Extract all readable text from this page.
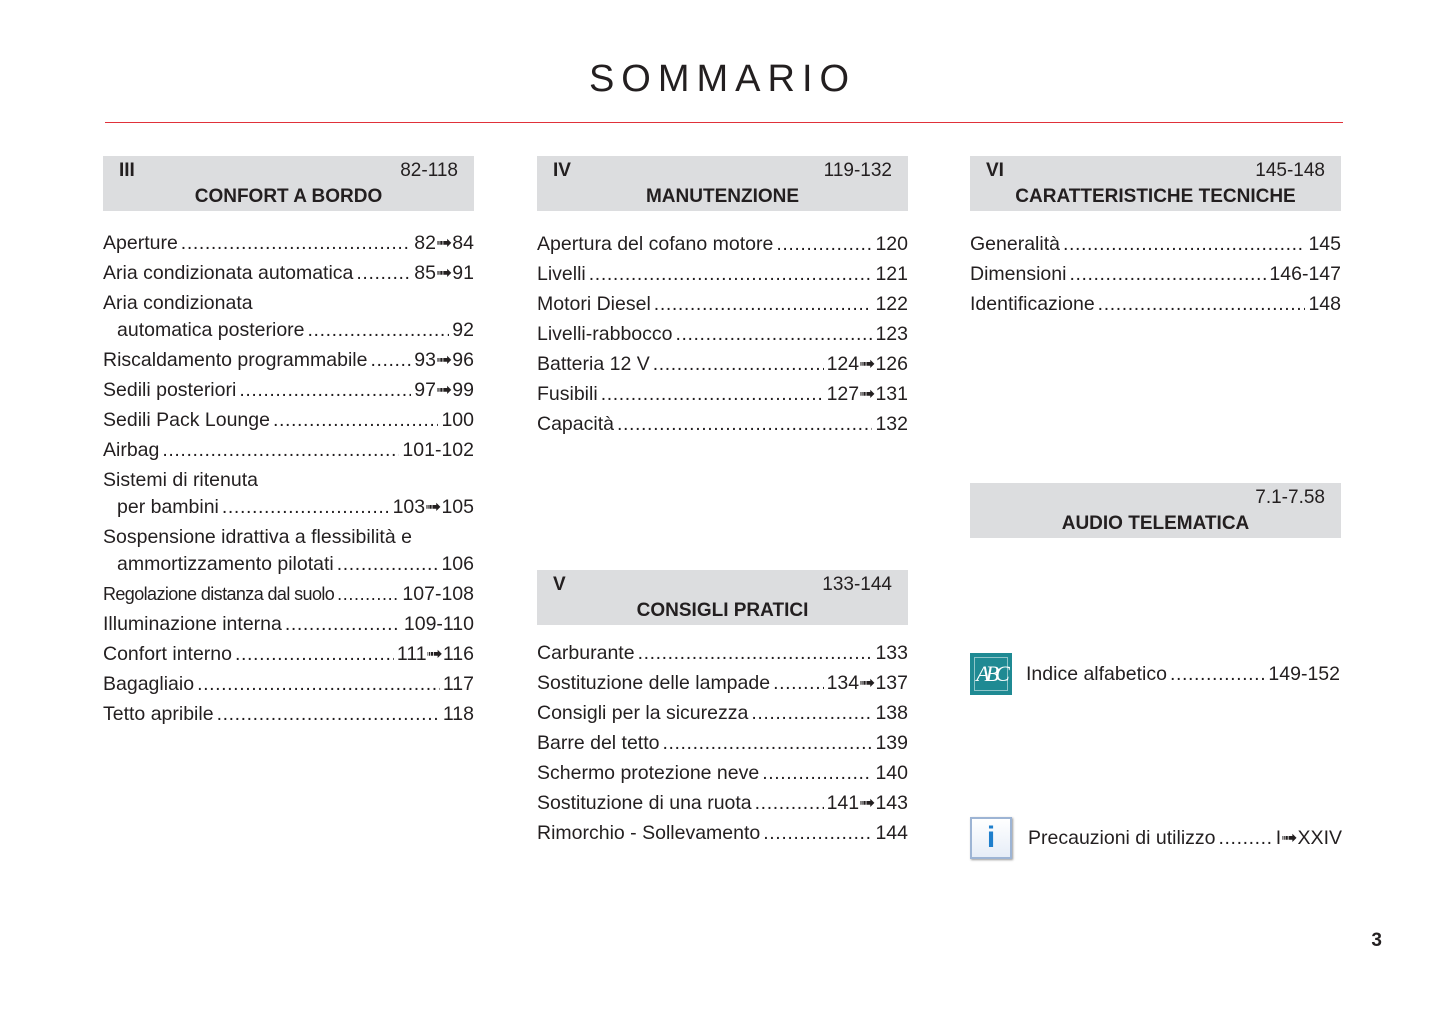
SOMMARIO
III	82-118
CONFORT A BORDO
Aperture .....	82➟84
Aria condizionata automatica .....	85➟91
Aria condizionata
automatica posteriore .....	92
Riscaldamento programmabile ..... 93➟96
Sedili posteriori .....	97➟99
Sedili Pack Lounge .....	100
Airbag .....	101-102
Sistemi di ritenuta
per bambini .....	103➟105
Sospensione idrattiva a flessibilità e
ammortizzamento pilotati .....	106
Regolazione distanza dal suolo .....	107-108
Illuminazione interna .....	109-110
Confort interno .....	111➟116
Bagagliaio .....	117
Tetto apribile .....	118
IV	119-132
MANUTENZIONE
Apertura del cofano motore .....	120
Livelli .....	121
Motori Diesel .....	122
Livelli-rabbocco .....	123
Batteria 12 V .....	124➟126
Fusibili .....	127➟131
Capacità .....	132
V	133-144
CONSIGLI PRATICI
Carburante .....	133
Sostituzione delle lampade .....	134➟137
Consigli per la sicurezza .....	138
Barre del tetto .....	139
Schermo protezione neve .....	140
Sostituzione di una ruota .....	141➟143
Rimorchio - Sollevamento .....	144
VI	145-148
CARATTERISTICHE TECNICHE
Generalità .....	145
Dimensioni .....	146-147
Identificazione .....	148
7.1-7.58
AUDIO TELEMATICA
ABC	Indice alfabetico .....	149-152
i	Precauzioni di utilizzo .....	I➟XXIV
3
